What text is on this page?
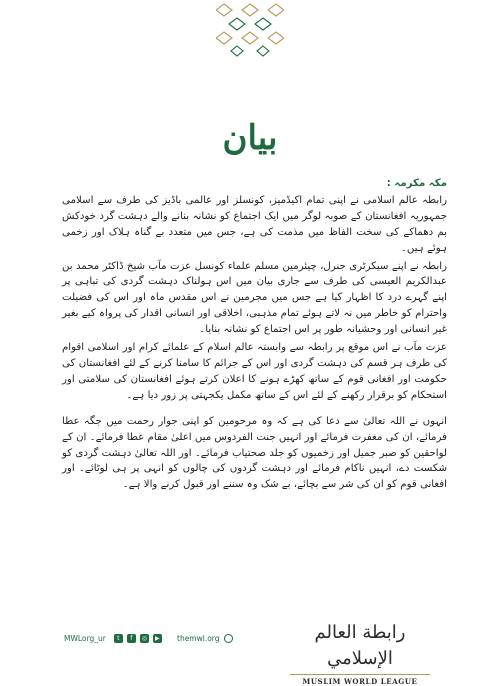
بیان
مکہ مکرمہ :

رابطہ عالم اسلامی نے اپنی تمام اکیڈمیز، کونسلز اور عالمی باڈیز کی طرف سے اسلامی جمہوریہ افغانستان کے صوبہ لوگر میں ایک اجتماع کو نشانہ بنانے والے دہشت گرد خودکش بم دھماکے کی سخت الفاظ میں مذمت کی ہے، جس میں متعدد بے گناہ ہلاک اور زخمی ہوئے ہیں۔

رابطہ نے اپنے سیکرٹری جنرل، چیئرمین مسلم علماء کونسل عزت مآب شیخ ڈاکٹر محمد بن عبدالکریم العیسی کی طرف سے جاری بیان میں اس ہولناک دہشت گردی کی تباہی پر اپنے گہرے درد کا اظہار کیا ہے جس میں مجرمین نے اس مقدس ماہ اور اس کی فضیلت واحترام کو خاطر میں نہ لاتے ہوئے تمام مذہبی، اخلاقی اور انسانی اقدار کی پرواہ کیے بغیر غیر انسانی اور وحشیانہ طور پر اس اجتماع کو نشانہ بنایا۔

عزت مآب نے اس موقع پر رابطہ سے وابستہ عالم اسلام کے علمائے کرام اور اسلامی اقوام کی طرف ہر قسم کی دہشت گردی اور اس کے جرائم کا سامنا کرنے کے لئے افغانستان کی حکومت اور افغانی قوم کے ساتھ کھڑے ہونے کا اعلان کرتے ہوئے افغانستان کی سلامتی اور استحکام کو برقرار رکھنے کے لئے اس کے ساتھ مکمل یکجہتی پر زور دیا ہے۔

انہوں نے اللہ تعالیٰ سے دعا کی ہے کہ وہ مرحومین کو اپنی جوار رحمت میں جگہ عطا فرمائے، ان کی مغفرت فرمائے اور انہیں جنت الفردوس میں اعلیٰ مقام عطا فرمائے۔ ان کے لواحقین کو صبر جمیل اور زخمیوں کو جلد صحتیاب فرمائے۔ اور اللہ تعالیٰ دہشت گردی کو شکست دے، انہیں ناکام فرمائے اور دہشت گردوں کی چالوں کو انہی پر ہی لوٹائے۔ اور افغانی قوم کو ان کی شر سے بچائے، بے شک وہ سننے اور قبول کرنے والا ہے۔

MWLorg_ur	t	f	◎	▶ themwl.org	رابطة العالم الإسلامي
MUSLIM WORLD LEAGUE
